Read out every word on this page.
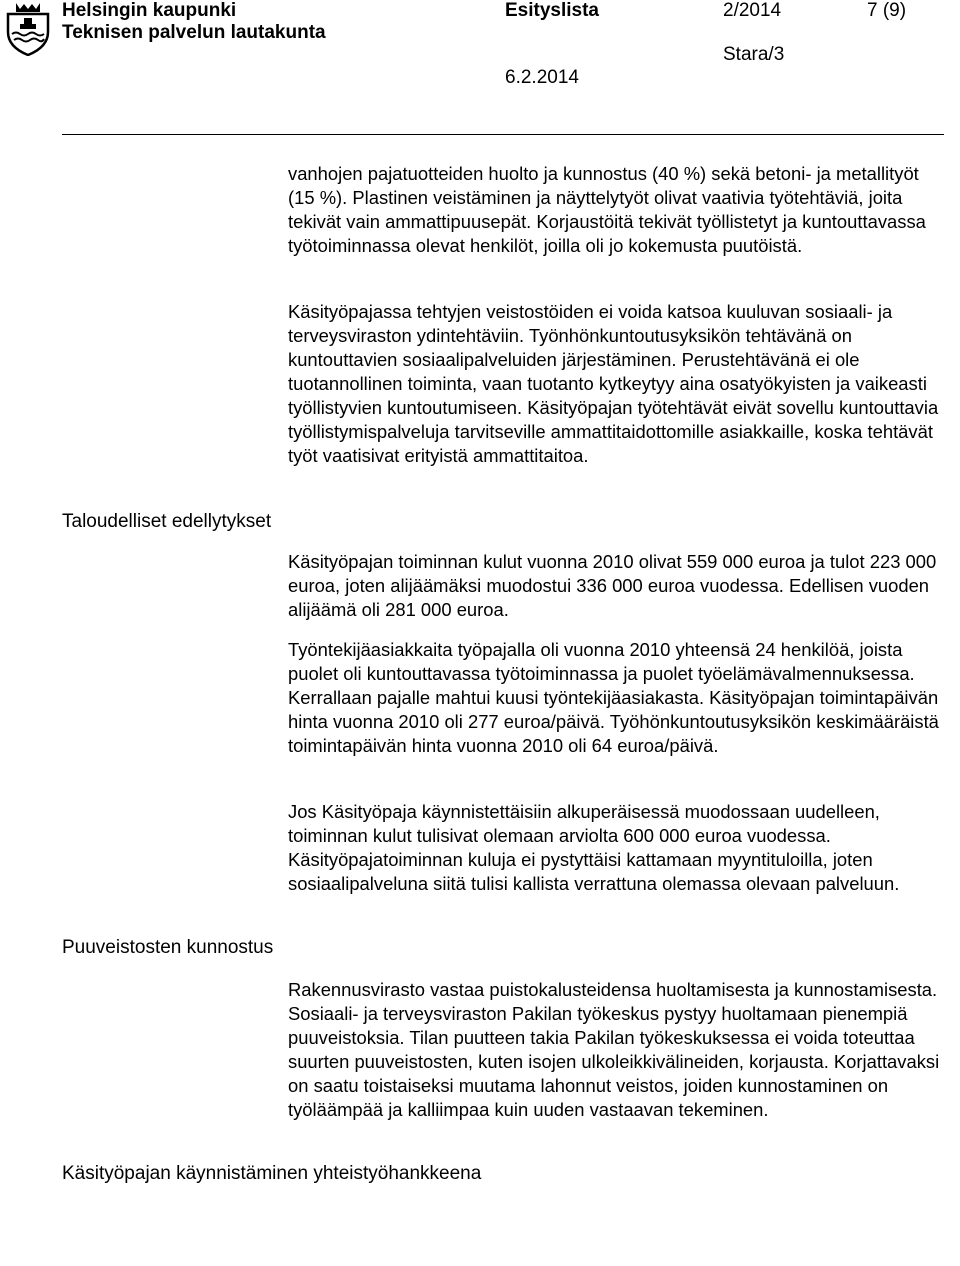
Helsingin kaupunki
Teknisen palvelun lautakunta
Esityslista	2/2014	7 (9)
Stara/3
6.2.2014
Taloudelliset edellytykset
Puuveistosten kunnostus
Käsityöpajan käynnistäminen yhteistyöhankkeena

vanhojen pajatuotteiden huolto ja kunnostus (40 %) sekä betoni- ja metallityöt (15 %). Plastinen veistäminen ja näyttelytyöt olivat vaativia työtehtäviä, joita tekivät vain ammattipuusepät. Korjaustöitä tekivät työllistetyt ja kuntouttavassa työtoiminnassa olevat henkilöt, joilla oli jo kokemusta puutöistä.

Käsityöpajassa tehtyjen veistostöiden ei voida katsoa kuuluvan sosiaali- ja terveysviraston ydintehtäviin. Työnhönkuntoutusyksikön tehtävänä on kuntouttavien sosiaalipalveluiden järjestäminen. Perustehtävänä ei ole tuotannollinen toiminta, vaan tuotanto kytkeytyy aina osatyökyisten ja vaikeasti työllistyvien kuntoutumiseen. Käsityöpajan työtehtävät eivät sovellu kuntouttavia työllistymispalveluja tarvitseville ammattitaidottomille asiakkaille, koska tehtävät työt vaatisivat erityistä ammattitaitoa.

Käsityöpajan toiminnan kulut vuonna 2010 olivat 559 000 euroa ja tulot 223 000 euroa, joten alijäämäksi muodostui 336 000 euroa vuodessa. Edellisen vuoden alijäämä oli 281 000 euroa.

Työntekijäasiakkaita työpajalla oli vuonna 2010 yhteensä 24 henkilöä, joista puolet oli kuntouttavassa työtoiminnassa ja puolet työelämävalmennuksessa. Kerrallaan pajalle mahtui kuusi työntekijäasiakasta. Käsityöpajan toimintapäivän hinta vuonna 2010 oli 277 euroa/päivä. Työhönkuntoutusyksikön keskimääräistä toimintapäivän hinta vuonna 2010 oli 64 euroa/päivä.

Jos Käsityöpaja käynnistettäisiin alkuperäisessä muodossaan uudelleen, toiminnan kulut tulisivat olemaan arviolta 600 000 euroa vuodessa. Käsityöpajatoiminnan kuluja ei pystyttäisi kattamaan myyntituloilla, joten sosiaalipalveluna siitä tulisi kallista verrattuna olemassa olevaan palveluun.

Rakennusvirasto vastaa puistokalusteidensa huoltamisesta ja kunnostamisesta. Sosiaali- ja terveysviraston Pakilan työkeskus pystyy huoltamaan pienempiä puuveistoksia. Tilan puutteen takia Pakilan työkeskuksessa ei voida toteuttaa suurten puuveistosten, kuten isojen ulkoleikkivälineiden, korjausta. Korjattavaksi on saatu toistaiseksi muutama lahonnut veistos, joiden kunnostaminen on työläämpää ja kalliimpaa kuin uuden vastaavan tekeminen.
